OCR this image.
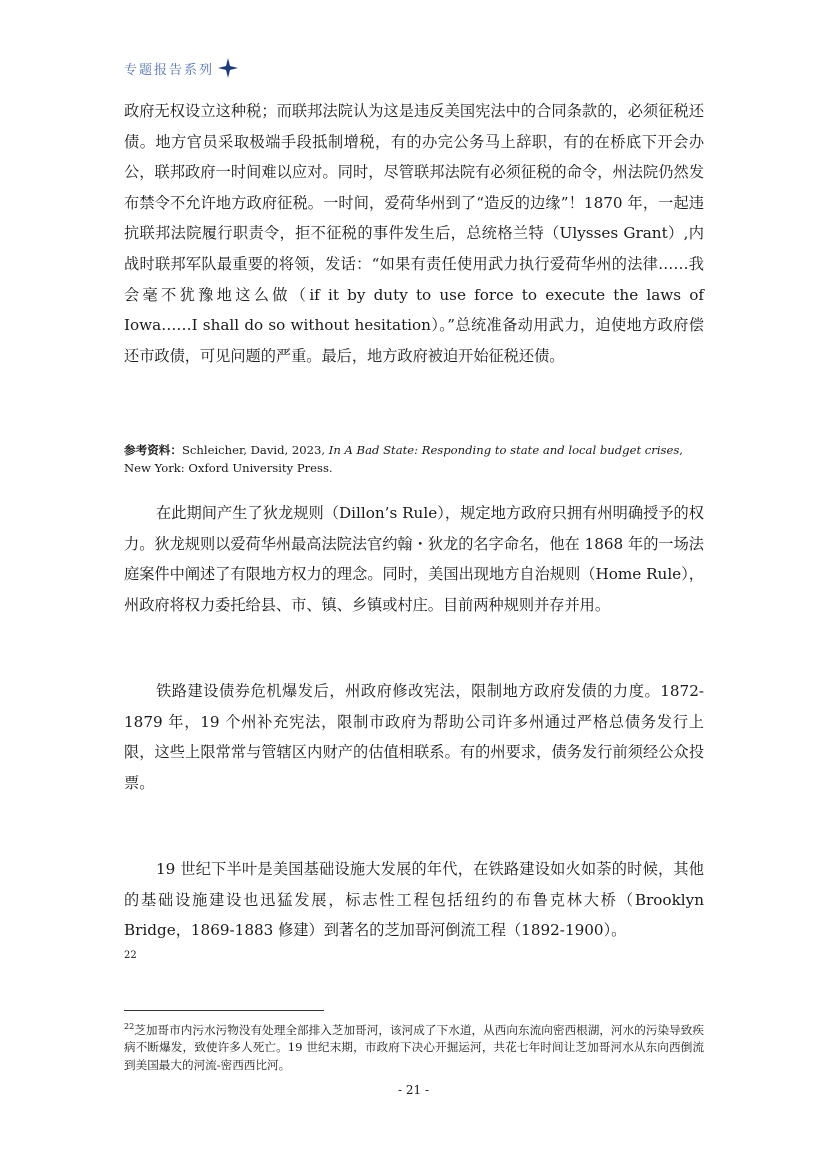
专题报告系列

政府无权设立这种税；而联邦法院认为这是违反美国宪法中的合同条款的，必须征税还债。地方官员采取极端手段抵制增税，有的办完公务马上辞职，有的在桥底下开会办公，联邦政府一时间难以应对。同时，尽管联邦法院有必须征税的命令，州法院仍然发布禁令不允许地方政府征税。一时间，爱荷华州到了“造反的边缘”！1870 年，一起违抗联邦法院履行职责令，拒不征税的事件发生后，总统格兰特（Ulysses Grant）,内战时联邦军队最重要的将领，发话：“如果有责任使用武力执行爱荷华州的法律……我会毫不犹豫地这么做（if it by duty to use force to execute the laws of Iowa……I shall do so without hesitation）。”总统准备动用武力，迫使地方政府偿还市政债，可见问题的严重。最后，地方政府被迫开始征税还债。

参考资料：Schleicher, David, 2023, In A Bad State: Responding to state and local budget crises, New York: Oxford University Press.

在此期间产生了狄龙规则（Dillon’s Rule），规定地方政府只拥有州明确授予的权力。狄龙规则以爱荷华州最高法院法官约翰・狄龙的名字命名，他在 1868 年的一场法庭案件中阐述了有限地方权力的理念。同时，美国出现地方自治规则（Home Rule），州政府将权力委托给县、市、镇、乡镇或村庄。目前两种规则并存并用。

铁路建设债券危机爆发后，州政府修改宪法，限制地方政府发债的力度。1872-1879 年，19 个州补充宪法，限制市政府为帮助公司许多州通过严格总债务发行上限，这些上限常常与管辖区内财产的估值相联系。有的州要求，债务发行前须经公众投票。

19 世纪下半叶是美国基础设施大发展的年代，在铁路建设如火如荼的时候，其他的基础设施建设也迅猛发展，标志性工程包括纽约的布鲁克林大桥（Brooklyn Bridge，1869-1883 修建）到著名的芝加哥河倒流工程（1892-1900）。

22

$^{22}$芝加哥市内污水污物没有处理全部排入芝加哥河，该河成了下水道，从西向东流向密西根湖，河水的污染导致疾病不断爆发，致使许多人死亡。19 世纪末期，市政府下决心开掘运河，共花七年时间让芝加哥河水从东向西倒流到美国最大的河流-密西西比河。

- 21 -
